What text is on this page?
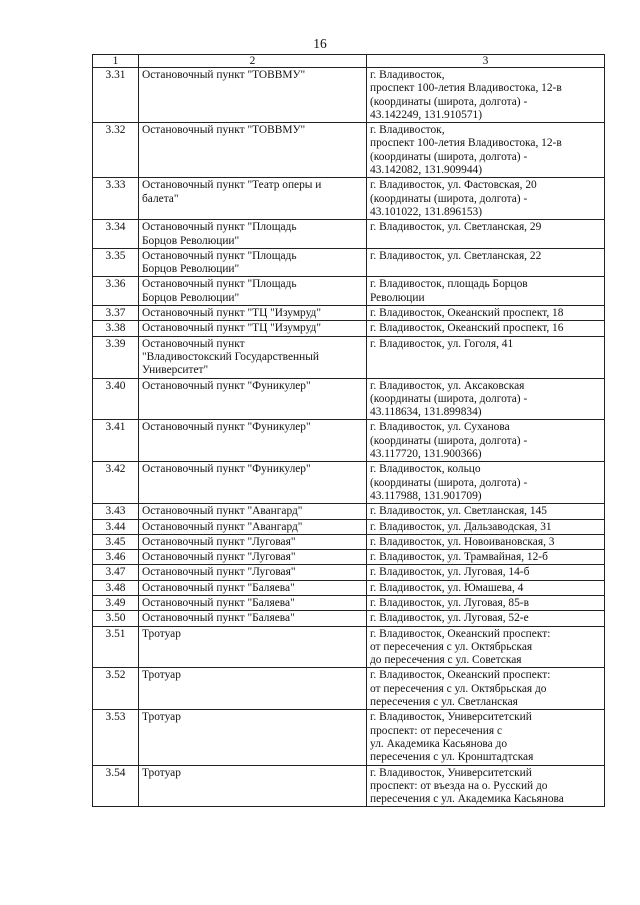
16
1	2	3
3.31	Остановочный пункт "ТОВВМУ"	г. Владивосток,
проспект 100-летия Владивостока, 12-в
(координаты (широта, долгота) -
43.142249, 131.910571)

3.32	Остановочный пункт "ТОВВМУ"	г. Владивосток,
проспект 100-летия Владивостока, 12-в
(координаты (широта, долгота) -
43.142082, 131.909944)

3.33	Остановочный пункт "Театр оперы и
балета"	г. Владивосток, ул. Фастовская, 20
(координаты (широта, долгота) -
43.101022, 131.896153)

3.34	Остановочный пункт "Площадь
Борцов Революции"	г. Владивосток, ул. Светланская, 29

3.35	Остановочный пункт "Площадь
Борцов Революции"	г. Владивосток, ул. Светланская, 22

3.36	Остановочный пункт "Площадь
Борцов Революции"	г. Владивосток, площадь Борцов
Революции

3.37	Остановочный пункт "ТЦ "Изумруд"	г. Владивосток, Океанский проспект, 18

3.38	Остановочный пункт "ТЦ "Изумруд"	г. Владивосток, Океанский проспект, 16

3.39	Остановочный пункт
"Владивостокский Государственный
Университет"	г. Владивосток, ул. Гоголя, 41

3.40	Остановочный пункт "Фуникулер"	г. Владивосток, ул. Аксаковская
(координаты (широта, долгота) -
43.118634, 131.899834)

3.41	Остановочный пункт "Фуникулер"	г. Владивосток, ул. Суханова
(координаты (широта, долгота) -
43.117720, 131.900366)

3.42	Остановочный пункт "Фуникулер"	г. Владивосток, кольцо
(координаты (широта, долгота) -
43.117988, 131.901709)

3.43	Остановочный пункт "Авангард"	г. Владивосток, ул. Светланская, 145

3.44	Остановочный пункт "Авангард"	г. Владивосток, ул. Дальзаводская, 31

3.45	Остановочный пункт "Луговая"	г. Владивосток, ул. Новоивановская, 3

3.46	Остановочный пункт "Луговая"	г. Владивосток, ул. Трамвайная, 12-б

3.47	Остановочный пункт "Луговая"	г. Владивосток, ул. Луговая, 14-б

3.48	Остановочный пункт "Баляева"	г. Владивосток, ул. Юмашева, 4

3.49	Остановочный пункт "Баляева"	г. Владивосток, ул. Луговая, 85-в

3.50	Остановочный пункт "Баляева"	г. Владивосток, ул. Луговая, 52-е

3.51	Тротуар	г. Владивосток, Океанский проспект:
от пересечения с ул. Октябрьская
до пересечения с ул. Советская

3.52	Тротуар	г. Владивосток, Океанский проспект:
от пересечения с ул. Октябрьская до
пересечения с ул. Светланская

3.53	Тротуар	г. Владивосток, Университетский
проспект: от пересечения с
ул. Академика Касьянова до
пересечения с ул. Кронштадтская

3.54	Тротуар	г. Владивосток, Университетский
проспект: от въезда на о. Русский до
пересечения с ул. Академика Касьянова
